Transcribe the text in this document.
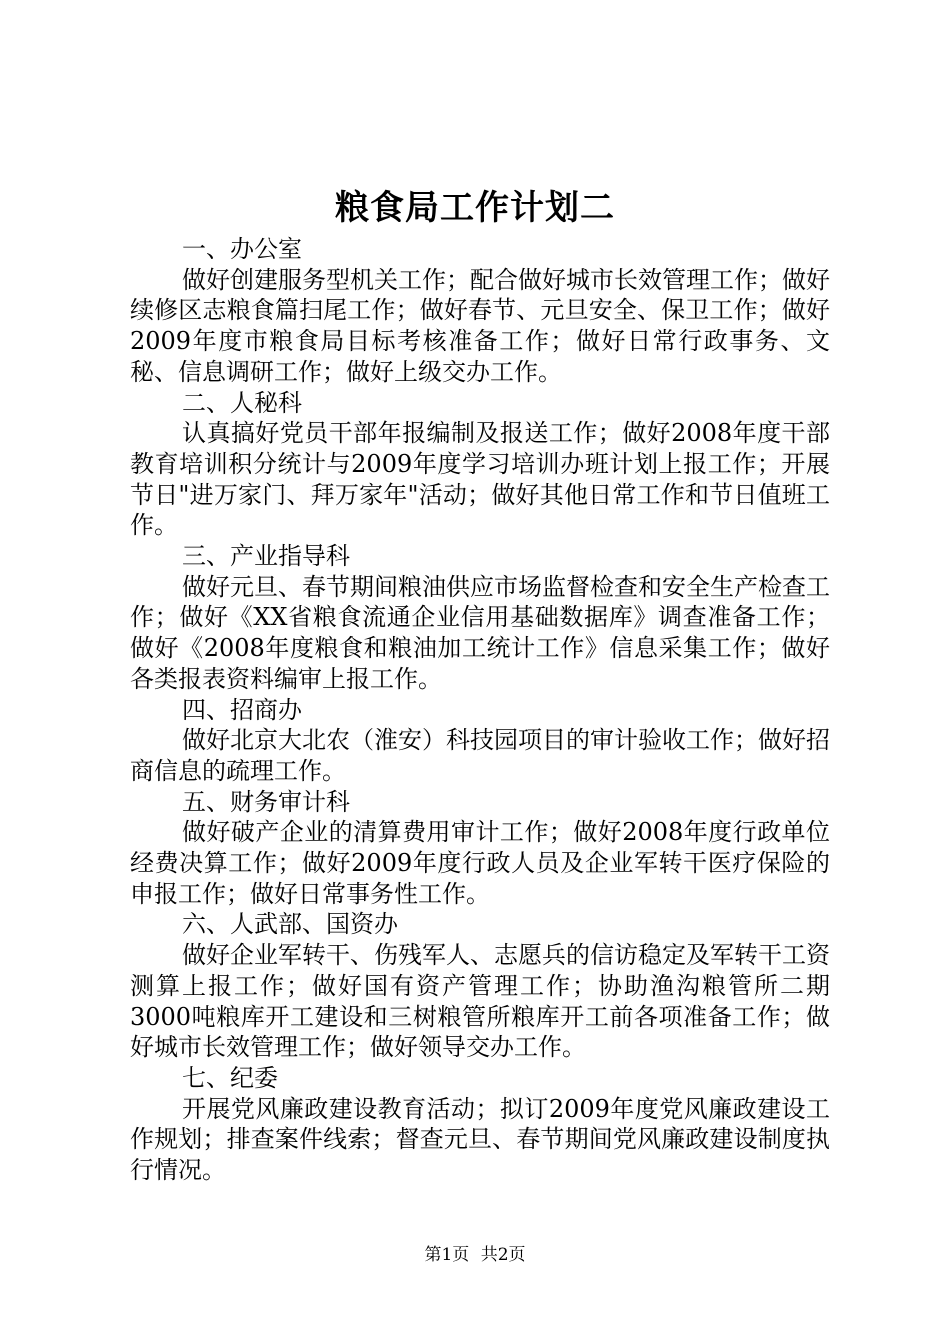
粮食局工作计划二

一、办公室

做好创建服务型机关工作；配合做好城市长效管理工作；做好续修区志粮食篇扫尾工作；做好春节、元旦安全、保卫工作；做好2009年度市粮食局目标考核准备工作；做好日常行政事务、文秘、信息调研工作；做好上级交办工作。

二、人秘科

认真搞好党员干部年报编制及报送工作；做好2008年度干部教育培训积分统计与2009年度学习培训办班计划上报工作；开展节日"进万家门、拜万家年"活动；做好其他日常工作和节日值班工作。

三、产业指导科

做好元旦、春节期间粮油供应市场监督检查和安全生产检查工作；做好《XX省粮食流通企业信用基础数据库》调查准备工作；做好《2008年度粮食和粮油加工统计工作》信息采集工作；做好各类报表资料编审上报工作。

四、招商办

做好北京大北农（淮安）科技园项目的审计验收工作；做好招商信息的疏理工作。

五、财务审计科

做好破产企业的清算费用审计工作；做好2008年度行政单位经费决算工作；做好2009年度行政人员及企业军转干医疗保险的申报工作；做好日常事务性工作。

六、人武部、国资办

做好企业军转干、伤残军人、志愿兵的信访稳定及军转干工资测算上报工作；做好国有资产管理工作；协助渔沟粮管所二期3000吨粮库开工建设和三树粮管所粮库开工前各项准备工作；做好城市长效管理工作；做好领导交办工作。

七、纪委

开展党风廉政建设教育活动；拟订2009年度党风廉政建设工作规划；排查案件线索；督查元旦、春节期间党风廉政建设制度执行情况。

第1页 共2页
